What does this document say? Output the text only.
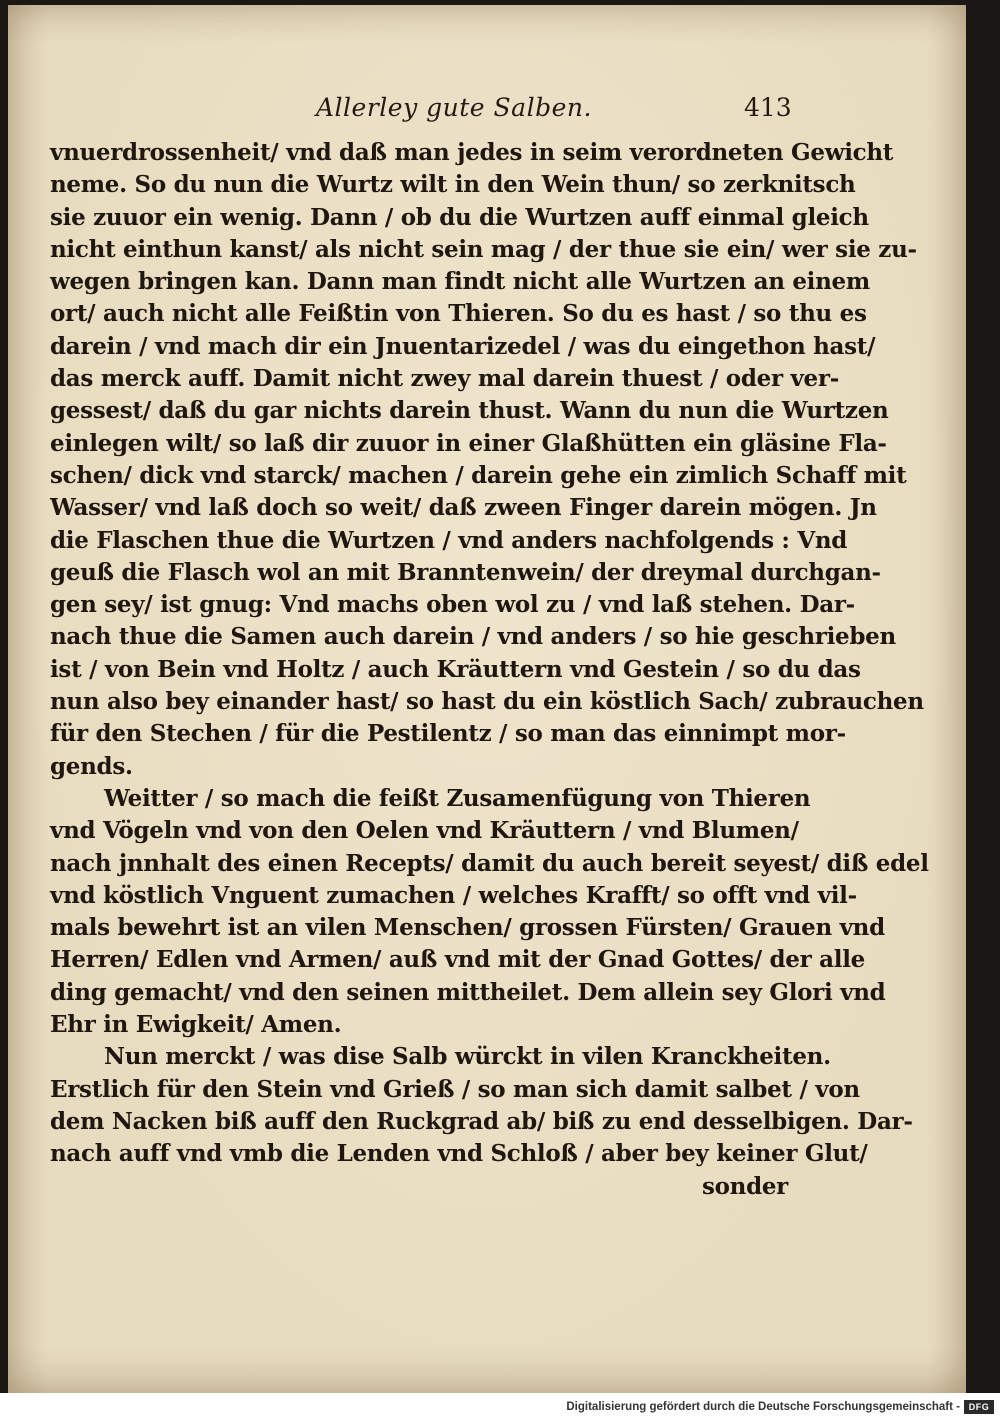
Allerley gute Salben.	413
vnuerdrossenheit/ vnd daß man jedes in seim verordneten Gewicht
neme. So du nun die Wurtz wilt in den Wein thun/ so zerknitsch
sie zuuor ein wenig. Dann / ob du die Wurtzen auff einmal gleich
nicht einthun kanst/ als nicht sein mag / der thue sie ein/ wer sie zu-
wegen bringen kan. Dann man findt nicht alle Wurtzen an einem
ort/ auch nicht alle Feißtin von Thieren. So du es hast / so thu es
darein / vnd mach dir ein Jnuentarizedel / was du eingethon hast/
das merck auff. Damit nicht zwey mal darein thuest / oder ver-
gessest/ daß du gar nichts darein thust. Wann du nun die Wurtzen
einlegen wilt/ so laß dir zuuor in einer Glaßhütten ein gläsine Fla-
schen/ dick vnd starck/ machen / darein gehe ein zimlich Schaff mit
Wasser/ vnd laß doch so weit/ daß zween Finger darein mögen. Jn
die Flaschen thue die Wurtzen / vnd anders nachfolgends : Vnd
geuß die Flasch wol an mit Branntenwein/ der dreymal durchgan-
gen sey/ ist gnug: Vnd machs oben wol zu / vnd laß stehen. Dar-
nach thue die Samen auch darein / vnd anders / so hie geschrieben
ist / von Bein vnd Holtz / auch Kräuttern vnd Gestein / so du das
nun also bey einander hast/ so hast du ein köstlich Sach/ zubrauchen
für den Stechen / für die Pestilentz / so man das einnimpt mor-
gends.
Weitter / so mach die feißt Zusamenfügung von Thieren
vnd Vögeln vnd von den Oelen vnd Kräuttern / vnd Blumen/
nach jnnhalt des einen Recepts/ damit du auch bereit seyest/ diß edel
vnd köstlich Vnguent zumachen / welches Krafft/ so offt vnd vil-
mals bewehrt ist an vilen Menschen/ grossen Fürsten/ Grauen vnd
Herren/ Edlen vnd Armen/ auß vnd mit der Gnad Gottes/ der alle
ding gemacht/ vnd den seinen mittheilet. Dem allein sey Glori vnd
Ehr in Ewigkeit/ Amen.
Nun merckt / was dise Salb würckt in vilen Kranckheiten.
Erstlich für den Stein vnd Grieß / so man sich damit salbet / von
dem Nacken biß auff den Ruckgrad ab/ biß zu end desselbigen. Dar-
nach auff vnd vmb die Lenden vnd Schloß / aber bey keiner Glut/
sonder
Digitalisierung gefördert durch die Deutsche Forschungsgemeinschaft - DFG
